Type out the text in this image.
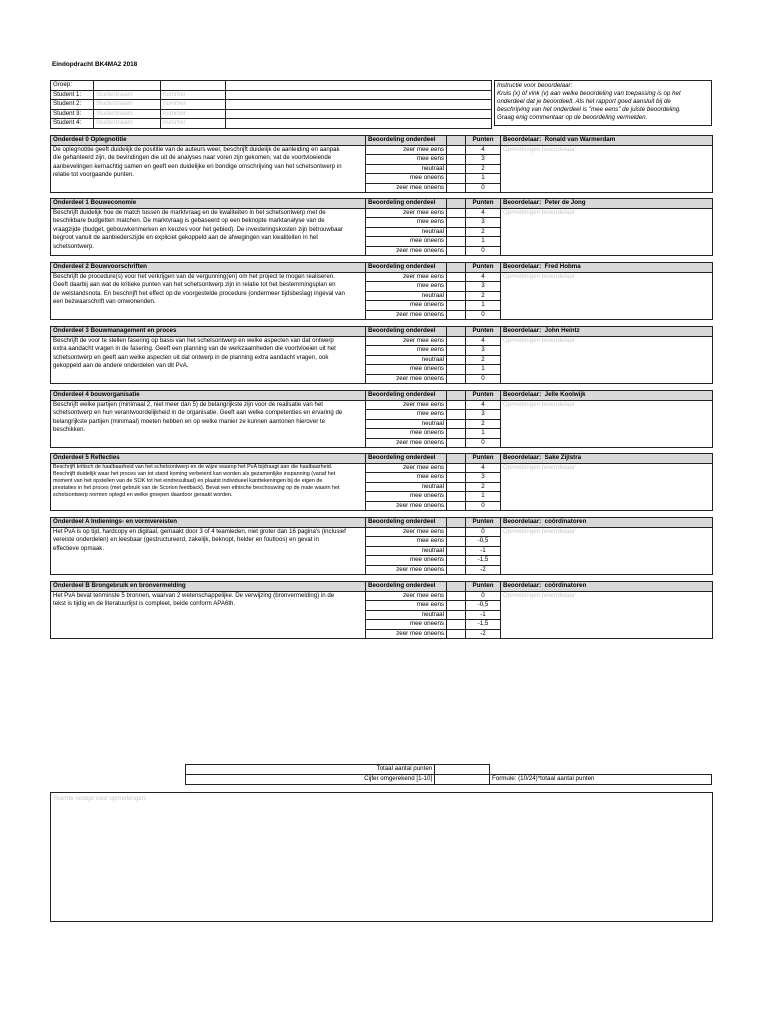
Eindopdracht BK4MA2 2018
Groep:			
Student 1:	Studentnaam	nummer	
Student 2:	Studentnaam	nummer	
Student 3:	Studentnaam	nummer	
Student 4:	Studentnaam	nummer	
Instructie voor beoordelaar:
Kruis (x) of vink (v) aan welke beoordeling van toepassing is op het
onderdeel dat je beoordeelt. Als het rapport goed aansluit bij de
beschrijving van het onderdeel is "mee eens" de juiste beoordeling.
Graag enig commentaar op de beoordeling vermelden.
Onderdeel 0 Oplegnotitie	Beoordeling onderdeel		Punten	Beoordelaar: Ronald van Warmerdam

De oplegnotitie geeft duidelijk de posititie van de auteurs weer, beschrijft duidelijk de aanleiding en aanpak
die gehanteerd zijn, de bevindingen die uit de analyses naar voren zijn gekomen, vat de voortvloeiende
aanbevelingen kernachtig samen en geeft een duidelijke en bondige omschrijving van het schetsontwerp in
relatie tot voorgaande punten.	zeer mee eens		4	Opmerkingen beoordelaar:
	mee eens		3	
	neutraal		2	
	mee oneens		1	
	zeer mee oneens		0	
Onderdeel 1 Bouweconomie	Beoordeling onderdeel		Punten	Beoordelaar: Peter de Jong

Beschrijft duidelijk hoe de match tussen de marktvraag en de kwaliteiten in het schetsontwerp met de
beschikbare budgetten matchen. De marktvraag is gebaseerd op een beknopte marktanalyse van de
vraagzijde (budget, gebouwkenmerken en keuzes voor het gebied). De investeringskosten zijn betrouwbaar
begroot vanuit de aanbiederszijde en expliciet gekoppeld aan de afwegingen van kwaliteiten in het
schetsontwerp.	zeer mee eens		4	Opmerkingen beoordelaar:
	mee eens		3	
	neutraal		2	
	mee oneens		1	
	zeer mee oneens		0	
Onderdeel 2 Bouwvoorschriften	Beoordeling onderdeel		Punten	Beoordelaar: Fred Hobma

Beschrijft de procedure(s) voor het verkrijgen van de vergunning(en) om het project te mogen realiseren.
Geeft daarbij aan wat de kritieke punten van het schetsontwerp zijn in relatie tot het bestemmingsplan en
de welstandsnota. En beschrijft het effect op de voorgestelde procedure (ondermeer tijdsbeslag) ingeval van
een bezwaarschrift van omwonenden.	zeer mee eens		4	Opmerkingen beoordelaar:
	mee eens		3	
	neutraal		2	
	mee oneens		1	
	zeer mee oneens		0	
Onderdeel 3 Bouwmanagement en proces	Beoordeling onderdeel		Punten	Beoordelaar: John Heintz

Beschrijft de voor te stellen fasering op basis van het schetsontwerp en welke aspecten van dat ontwerp
extra aandacht vragen in de fasering. Geeft een planning van de werkzaamheden die voortvloeien uit het
schetsontwerp en geeft aan welke aspecten uit dat ontwerp in de planning extra aandacht vragen, ook
gekoppeld aan de andere onderdelen van dit PvA.	zeer mee eens		4	Opmerkingen beoordelaar:
	mee eens		3	
	neutraal		2	
	mee oneens		1	
	zeer mee oneens		0	
Onderdeel 4 bouworganisatie	Beoordeling onderdeel		Punten	Beoordelaar: Jelle Koolwijk

Beschrijft welke partijen (minimaal 2, niet meer dan 5) de belangrijkste zijn voor de realisatie van het
schetsontwerp en hun verantwoordelijkheid in de organisatie. Geeft aan welke competenties en ervaring de
belangrijkste partijen (minimaal) moeten hebben en op welke manier ze kunnen aantonen hierover te
beschikken.	zeer mee eens		4	Opmerkingen beoordelaar:
	mee eens		3	
	neutraal		2	
	mee oneens		1	
	zeer mee oneens		0	
Onderdeel 5 Reflecties	Beoordeling onderdeel		Punten	Beoordelaar: Sake Zijlstra

Beschrijft kritisch de haalbaarheid van het schetsontwerp en de wijze waarop het PvA bijdraagt aan die haalbaarheid.
Beschrijft duidelijk waar het proces van tot stand koming verbeterd kan worden als gezamenlijke inspanning (vanaf het
moment van het opstellen van de SOK tot het eindresultaat) en plaatst individueel kanttekeningen bij de eigen de
prestaties in het proces (met gebruik van de Scorion feedback). Bevat een ethische beschouwing op de mate waarin het
schetsontwerp normen oplegd en welke groepen daardoor geraakt worden.	zeer mee eens		4	Opmerkingen beoordelaar:
	mee eens		3	
	neutraal		2	
	mee oneens		1	
	zeer mee oneens		0	
Onderdeel A Indienings- en vormvereisten	Beoordeling onderdeel		Punten	Beoordelaar: coördinatoren

Het PvA is op tijd, hardcopy en digitaal, gemaakt door 3 of 4 teamleden, niet groter dan 16 pagina's (inclusief
vereiste onderdelen) en leesbaar (gestructureerd, zakelijk, beknopt, helder en foutloos) en gevat in
effectieve opmaak.	zeer mee eens		0	Opmerkingen beoordelaar:
	mee eens		-0,5	
	neutraal		-1	
	mee oneens		-1,5	
	zeer mee oneens		-2	
Onderdeel B Brongebruik en bronvermelding	Beoordeling onderdeel		Punten	Beoordelaar: coördinatoren

Het PvA bevat tenminste 5 bronnen, waarvan 2 wetenschappelijke. De verwijzing (bronvermelding) in de
tekst is tijdig en de literatuurlijst is compleet, beide conform APA6th.	zeer mee eens		0	Opmerkingen beoordelaar:
	mee eens		-0,5	
	neutraal		-1	
	mee oneens		-1,5	
	zeer mee oneens		-2	
Totaal aantal punten		
Cijfer omgerekend [1-10]		Formule: (10/24)*totaal aantal punten
Ruimte nodige voor opmerkingen:
